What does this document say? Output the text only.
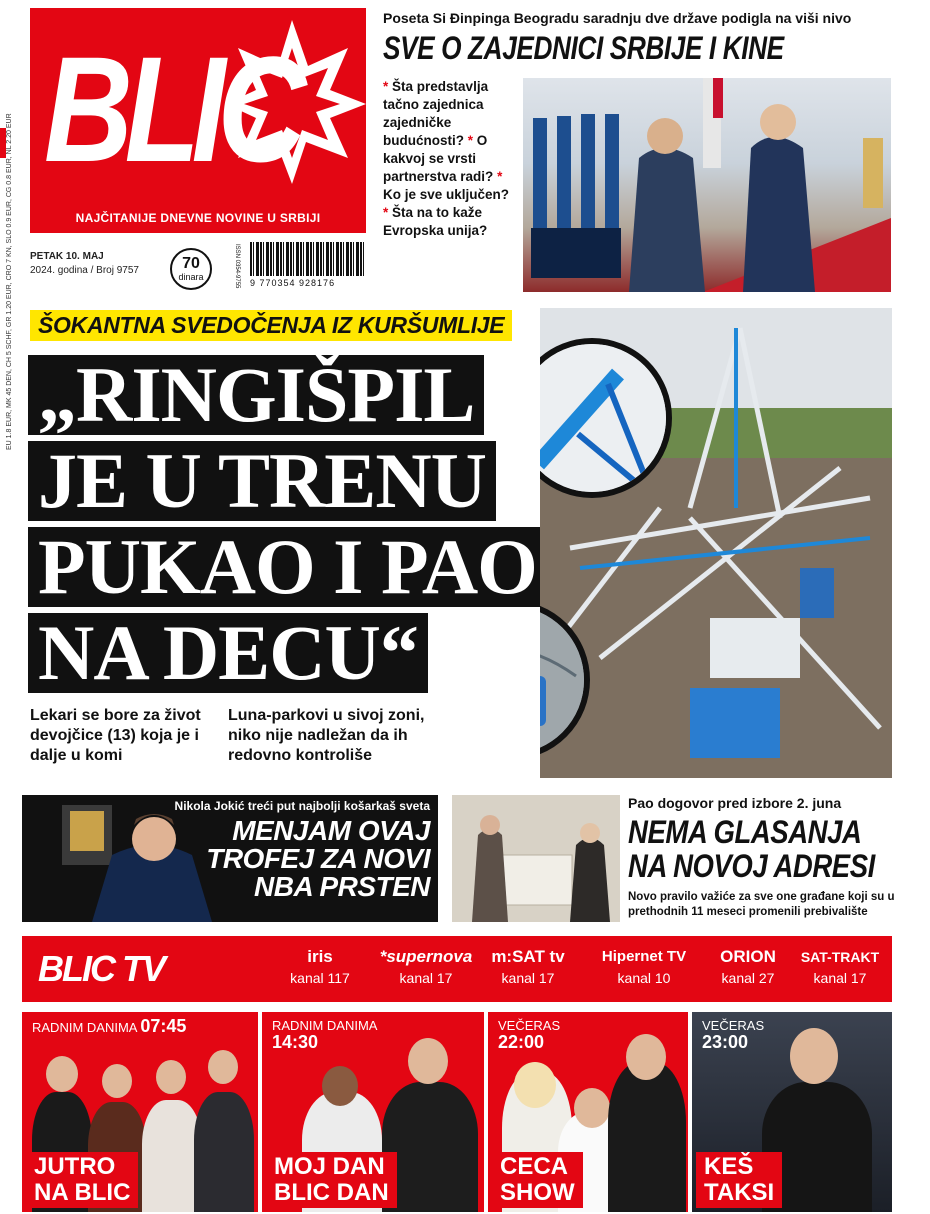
EU 1.8 EUR, MK 45 DEN, CH 5 SCHF, GR 1.20 EUR, CRO 7 KN, SLO 0.9 EUR, CG 0.8 EUR, NL 2.20 EUR
BLIC
NAJČITANIJE DNEVNE NOVINE U SRBIJI
PETAK 10. MAJ
2024. godina / Broj 9757	70
dinara	ISSN 0354-9755 9 770354 928176
Poseta Si Đinpinga Beogradu saradnju dve države podigla na viši nivo
SVE O ZAJEDNICI SRBIJE I KINE
* Šta predstavlja tačno zajednica zajedničke budućnosti? * O kakvoj se vrsti partnerstva radi? * Ko je sve uključen? * Šta na to kaže Evropska unija?
ŠOKANTNA SVEDOČENJA IZ KURŠUMLIJE
„RINGIŠPIL
JE U TRENU
PUKAO I PAO
NA DECU“
Lekari se bore za život devojčice (13) koja je i dalje u komi
Luna-parkovi u sivoj zoni, niko nije nadležan da ih redovno kontroliše
Nikola Jokić treći put najbolji košarkaš sveta
MENJAM OVAJ TROFEJ ZA NOVI NBA PRSTEN
Pao dogovor pred izbore 2. juna
NEMA GLASANJA
NA NOVOJ ADRESI
Novo pravilo važiće za sve one građane koji su u prethodnih 11 meseci promenili prebivalište
BLIC TV	iris
kanal 117
*supernova
kanal 17
m:SAT tv
kanal 17
Hipernet TV
kanal 10
ORION
kanal 27
SAT-TRAKT
kanal 17
RADNIM DANIMA 07:45
JUTRO
NA BLIC
RADNIM DANIMA
14:30
MOJ DAN
BLIC DAN
VEČERAS
22:00
CECA
SHOW
VEČERAS
23:00
KEŠ
TAKSI
